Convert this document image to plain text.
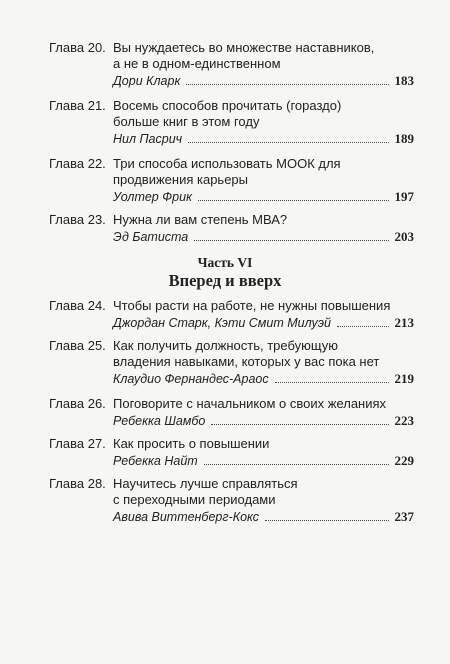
Глава 20. Вы нуждаетесь во множестве наставников,
а не в одном-единственном
Дори Кларк	183
Глава 21. Восемь способов прочитать (гораздо)
больше книг в этом году
Нил Пасрич	189
Глава 22. Три способа использовать МООК для
продвижения карьеры
Уолтер Фрик	197
Глава 23. Нужна ли вам степень МВА?
Эд Батиста	203
Часть VI
Вперед и вверх
Глава 24. Чтобы расти на работе, не нужны повышения
Джордан Старк, Кэти Смит Милуэй	213
Глава 25. Как получить должность, требующую
владения навыками, которых у вас пока нет
Клаудио Фернандес-Араос	219
Глава 26. Поговорите с начальником о своих желаниях
Ребекка Шамбо	223
Глава 27. Как просить о повышении
Ребекка Найт	229
Глава 28. Научитесь лучше справляться
с переходными периодами
Авива Виттенберг-Кокс	237
